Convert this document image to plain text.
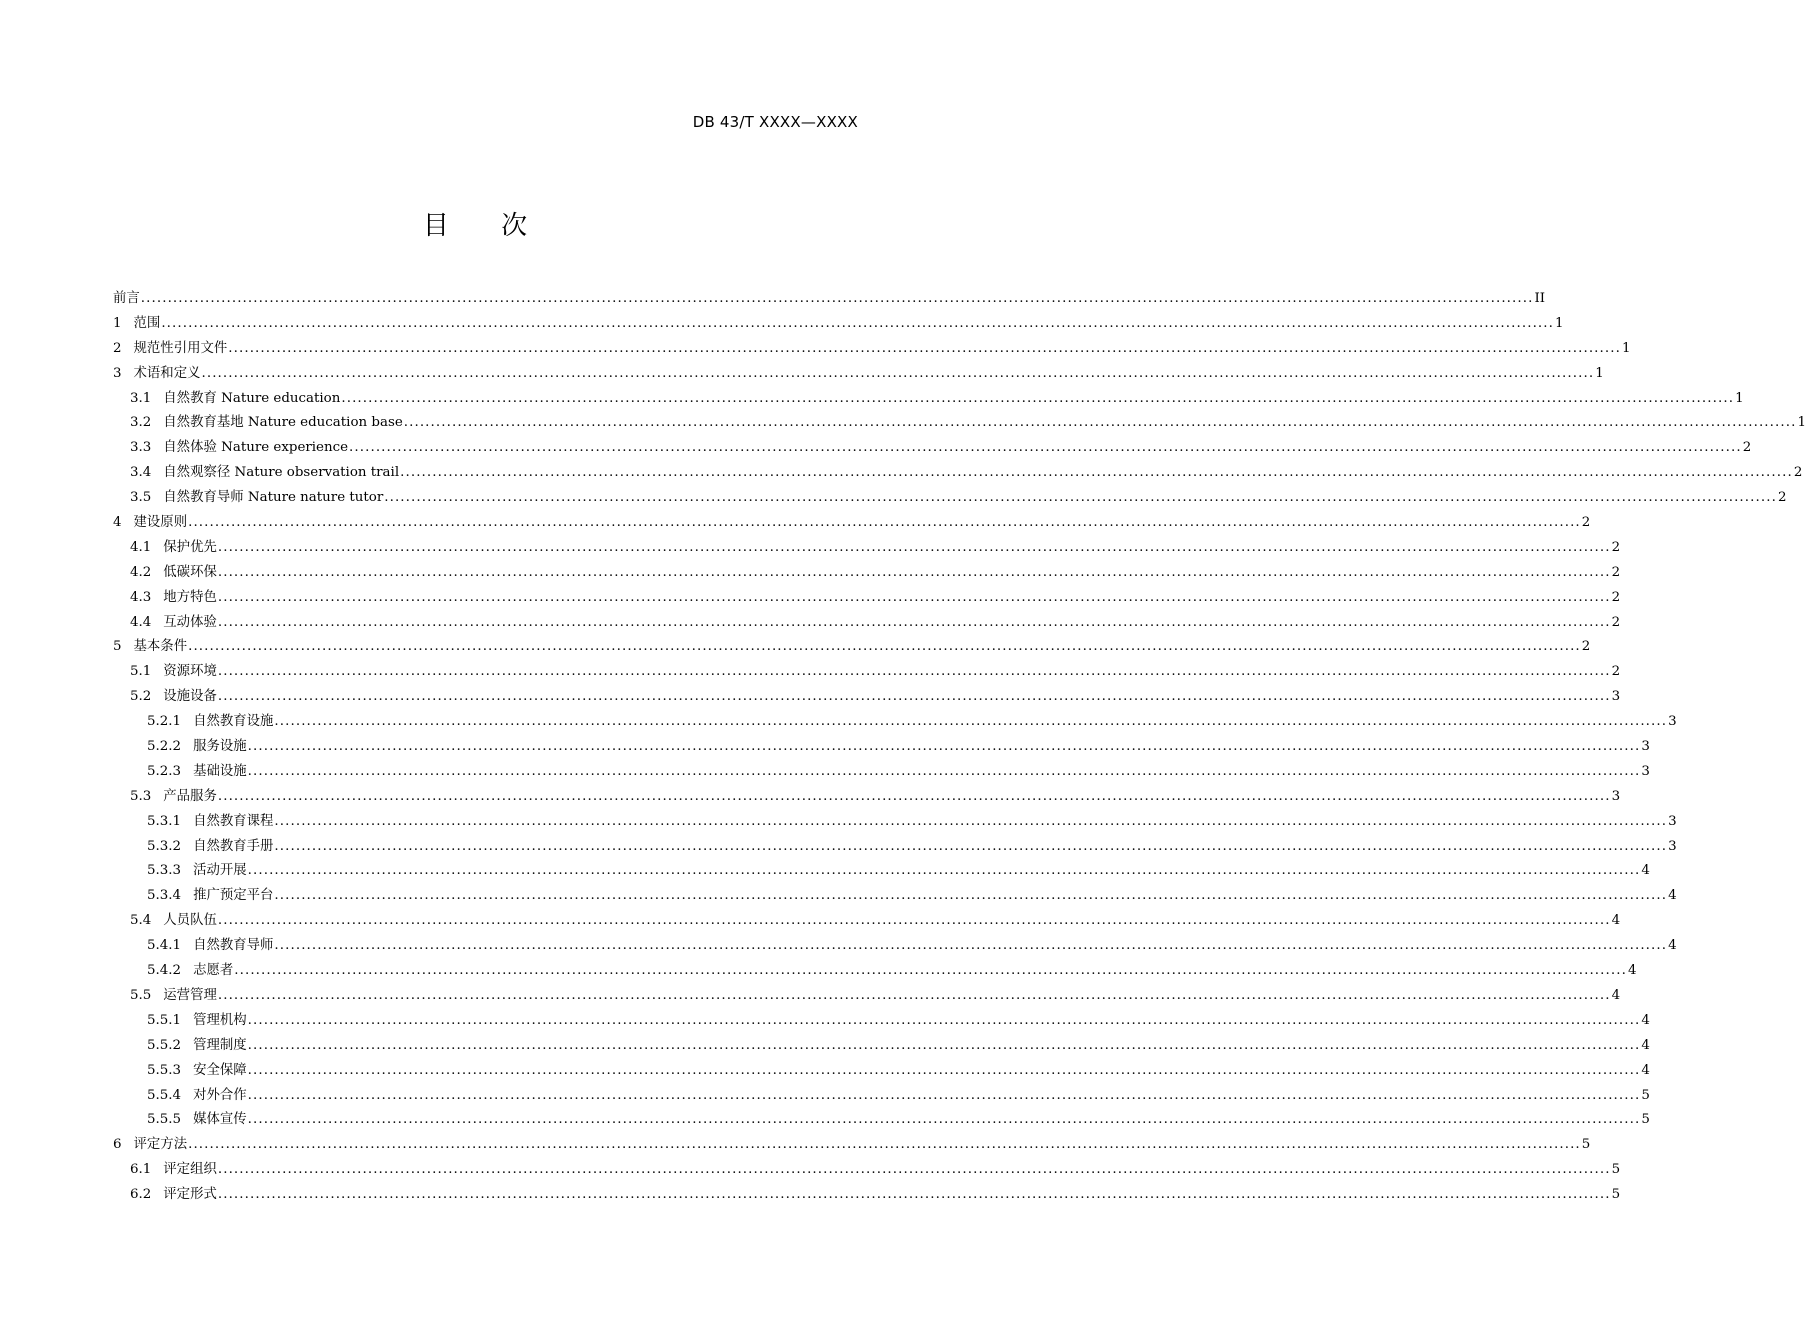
DB 43/T XXXX—XXXX
目 次
前言 .................................................................................................................................................................................................................................................................... II
1 范围 .................................................................................................................................................................................................................................................................... 1
2 规范性引用文件 .................................................................................................................................................................................................................................................................... 1
3 术语和定义 .................................................................................................................................................................................................................................................................... 1
3.1 自然教育 Nature education .................................................................................................................................................................................................................................................................... 1
3.2 自然教育基地 Nature education base .................................................................................................................................................................................................................................................................... 1
3.3 自然体验 Nature experience .................................................................................................................................................................................................................................................................... 2
3.4 自然观察径 Nature observation trail .................................................................................................................................................................................................................................................................... 2
3.5 自然教育导师 Nature nature tutor .................................................................................................................................................................................................................................................................... 2
4 建设原则 .................................................................................................................................................................................................................................................................... 2
4.1 保护优先 .................................................................................................................................................................................................................................................................... 2
4.2 低碳环保 .................................................................................................................................................................................................................................................................... 2
4.3 地方特色 .................................................................................................................................................................................................................................................................... 2
4.4 互动体验 .................................................................................................................................................................................................................................................................... 2
5 基本条件 .................................................................................................................................................................................................................................................................... 2
5.1 资源环境 .................................................................................................................................................................................................................................................................... 2
5.2 设施设备 .................................................................................................................................................................................................................................................................... 3
5.2.1 自然教育设施 .................................................................................................................................................................................................................................................................... 3
5.2.2 服务设施 .................................................................................................................................................................................................................................................................... 3
5.2.3 基础设施 .................................................................................................................................................................................................................................................................... 3
5.3 产品服务 .................................................................................................................................................................................................................................................................... 3
5.3.1 自然教育课程 .................................................................................................................................................................................................................................................................... 3
5.3.2 自然教育手册 .................................................................................................................................................................................................................................................................... 3
5.3.3 活动开展 .................................................................................................................................................................................................................................................................... 4
5.3.4 推广预定平台 .................................................................................................................................................................................................................................................................... 4
5.4 人员队伍 .................................................................................................................................................................................................................................................................... 4
5.4.1 自然教育导师 .................................................................................................................................................................................................................................................................... 4
5.4.2 志愿者 .................................................................................................................................................................................................................................................................... 4
5.5 运营管理 .................................................................................................................................................................................................................................................................... 4
5.5.1 管理机构 .................................................................................................................................................................................................................................................................... 4
5.5.2 管理制度 .................................................................................................................................................................................................................................................................... 4
5.5.3 安全保障 .................................................................................................................................................................................................................................................................... 4
5.5.4 对外合作 .................................................................................................................................................................................................................................................................... 5
5.5.5 媒体宣传 .................................................................................................................................................................................................................................................................... 5
6 评定方法 .................................................................................................................................................................................................................................................................... 5
6.1 评定组织 .................................................................................................................................................................................................................................................................... 5
6.2 评定形式 .................................................................................................................................................................................................................................................................... 5
